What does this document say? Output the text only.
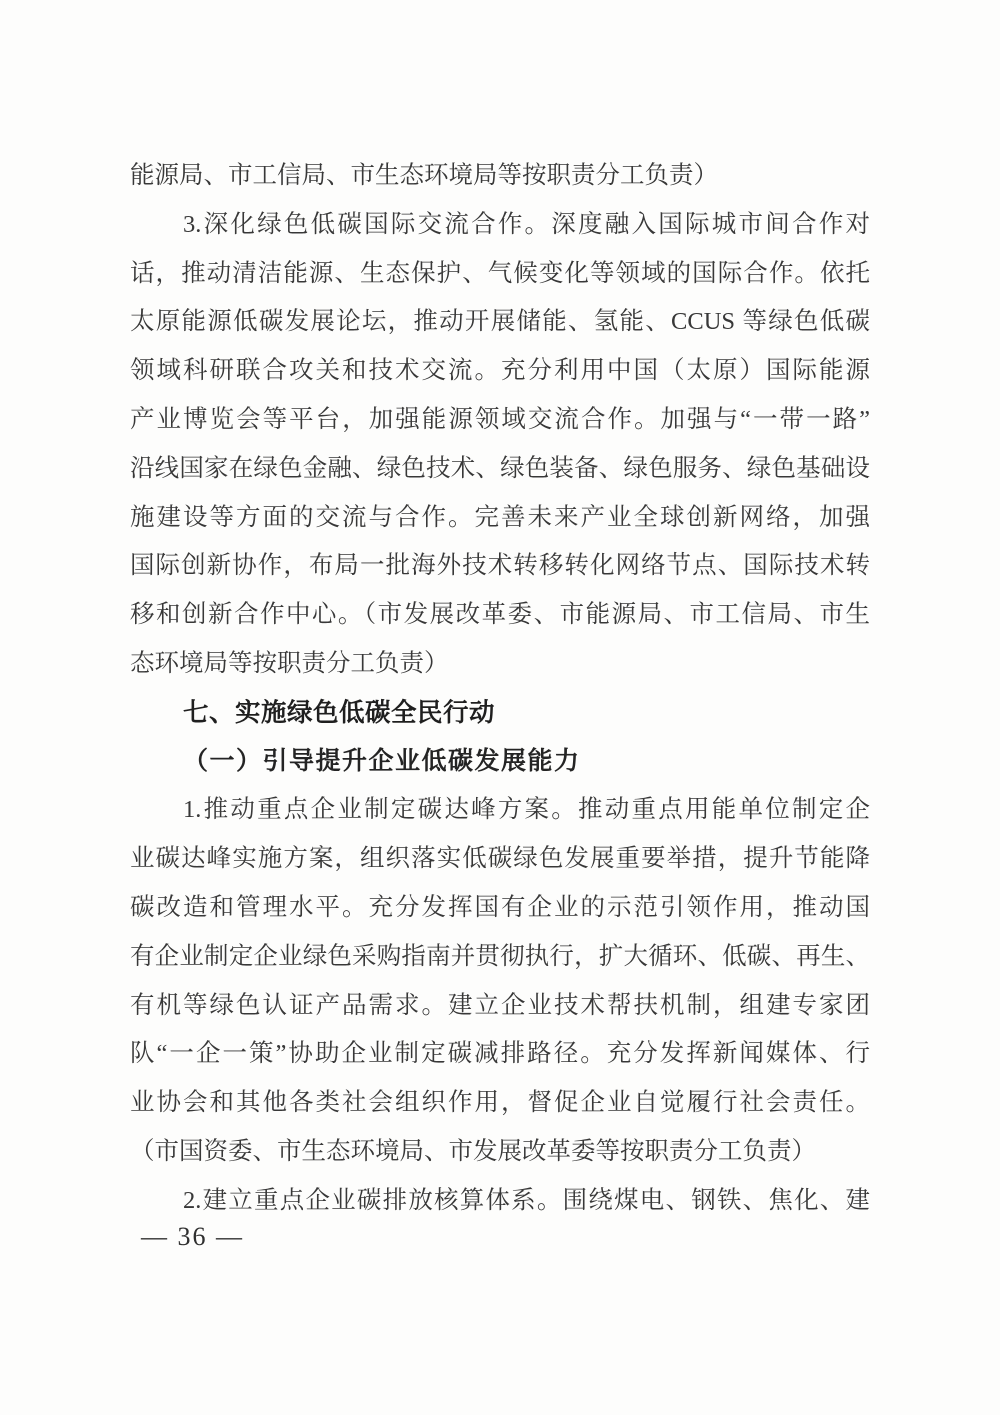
能源局、市工信局、市生态环境局等按职责分工负责）
3.深化绿色低碳国际交流合作。深度融入国际城市间合作对
话，推动清洁能源、生态保护、气候变化等领域的国际合作。依托
太原能源低碳发展论坛，推动开展储能、氢能、CCUS 等绿色低碳
领域科研联合攻关和技术交流。充分利用中国（太原）国际能源
产业博览会等平台，加强能源领域交流合作。加强与“一带一路”
沿线国家在绿色金融、绿色技术、绿色装备、绿色服务、绿色基础设
施建设等方面的交流与合作。完善未来产业全球创新网络，加强
国际创新协作，布局一批海外技术转移转化网络节点、国际技术转
移和创新合作中心。（市发展改革委、市能源局、市工信局、市生
态环境局等按职责分工负责）
七、实施绿色低碳全民行动
（一）引导提升企业低碳发展能力
1.推动重点企业制定碳达峰方案。推动重点用能单位制定企
业碳达峰实施方案，组织落实低碳绿色发展重要举措，提升节能降
碳改造和管理水平。充分发挥国有企业的示范引领作用，推动国
有企业制定企业绿色采购指南并贯彻执行，扩大循环、低碳、再生、
有机等绿色认证产品需求。建立企业技术帮扶机制，组建专家团
队“一企一策”协助企业制定碳减排路径。充分发挥新闻媒体、行
业协会和其他各类社会组织作用，督促企业自觉履行社会责任。
（市国资委、市生态环境局、市发展改革委等按职责分工负责）
2.建立重点企业碳排放核算体系。围绕煤电、钢铁、焦化、建
— 36 —
